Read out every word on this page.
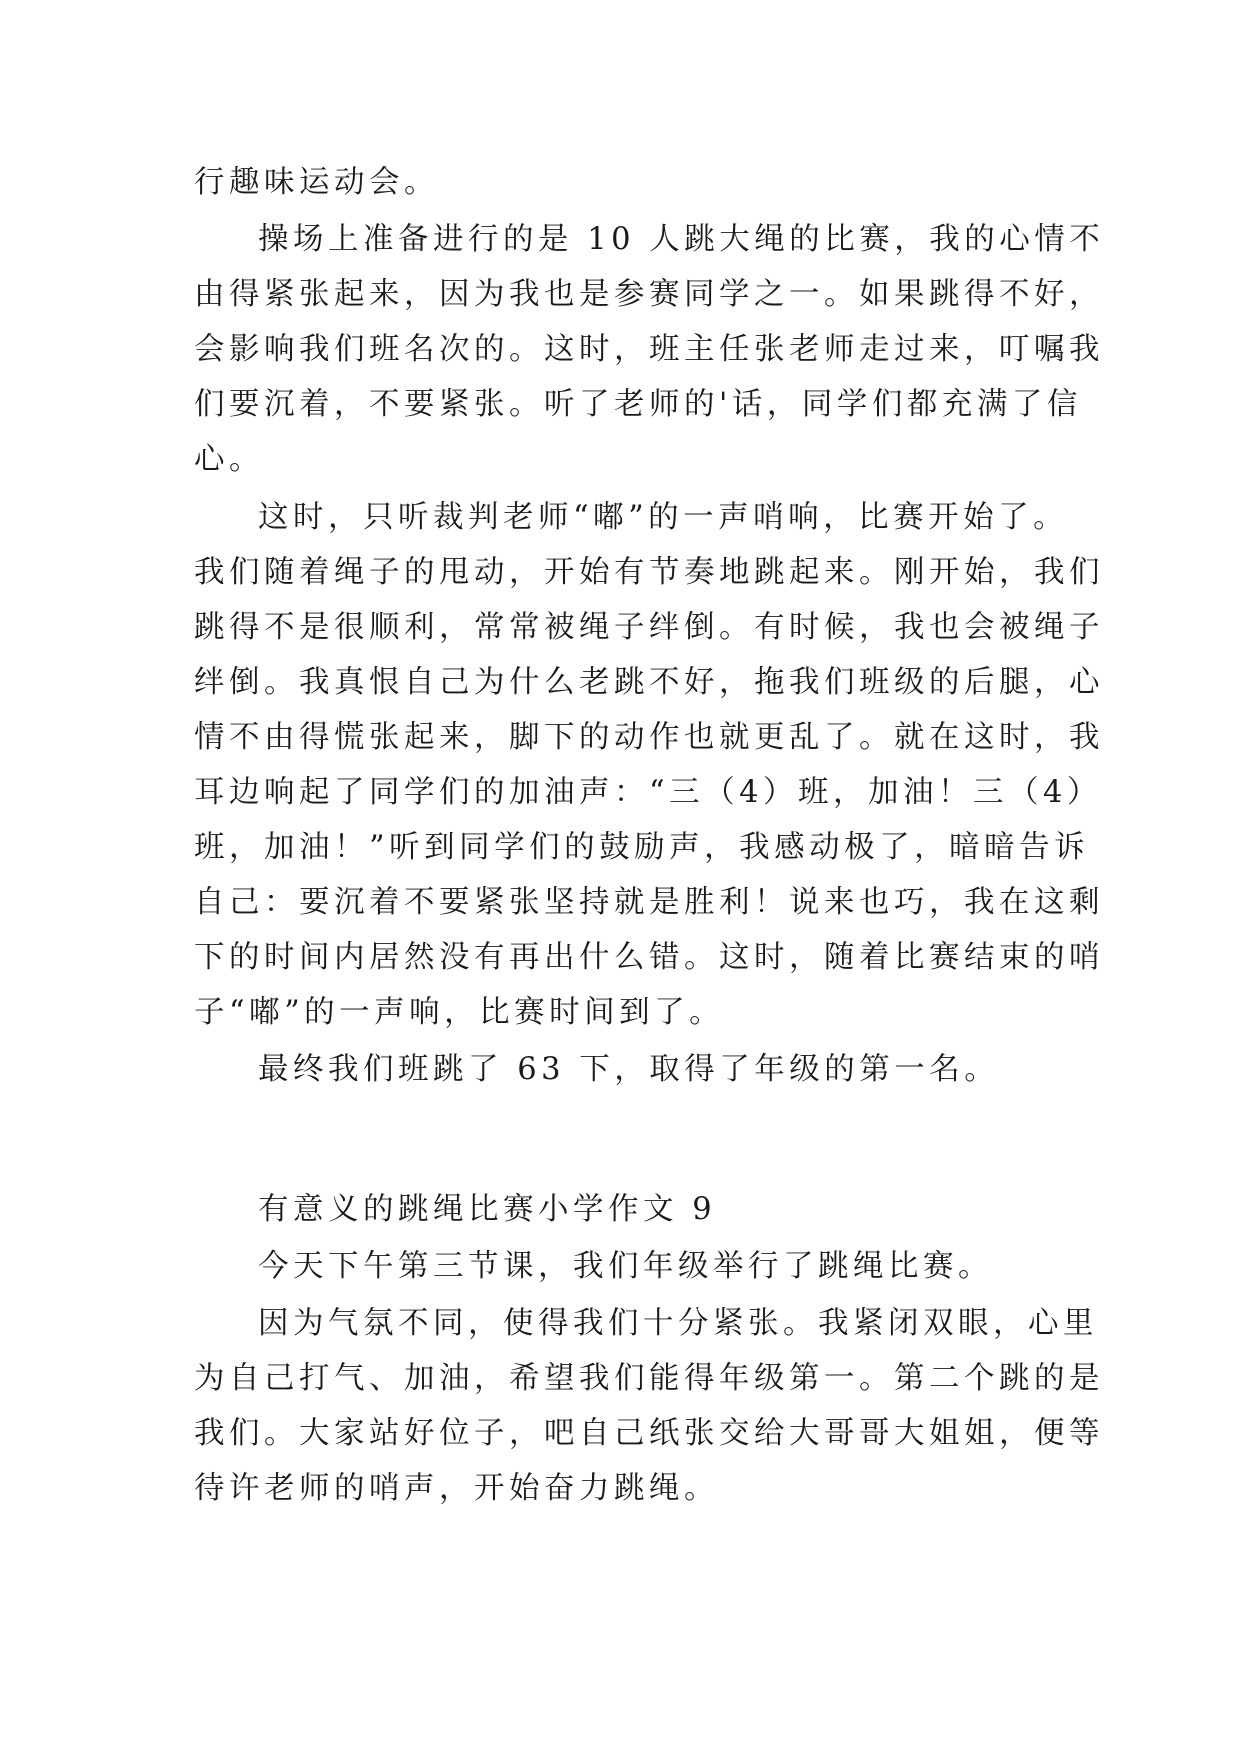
行趣味运动会。
操场上准备进行的是 10 人跳大绳的比赛，我的心情不
由得紧张起来，因为我也是参赛同学之一。如果跳得不好，
会影响我们班名次的。这时，班主任张老师走过来，叮嘱我
们要沉着，不要紧张。听了老师的'话，同学们都充满了信
心。
这时，只听裁判老师“嘟”的一声哨响，比赛开始了。
我们随着绳子的甩动，开始有节奏地跳起来。刚开始，我们
跳得不是很顺利，常常被绳子绊倒。有时候，我也会被绳子
绊倒。我真恨自己为什么老跳不好，拖我们班级的后腿，心
情不由得慌张起来，脚下的动作也就更乱了。就在这时，我
耳边响起了同学们的加油声：“三（4）班，加油！三（4）
班，加油！”听到同学们的鼓励声，我感动极了，暗暗告诉
自己：要沉着不要紧张坚持就是胜利！说来也巧，我在这剩
下的时间内居然没有再出什么错。这时，随着比赛结束的哨
子“嘟”的一声响，比赛时间到了。
最终我们班跳了 63 下，取得了年级的第一名。
有意义的跳绳比赛小学作文 9
今天下午第三节课，我们年级举行了跳绳比赛。
因为气氛不同，使得我们十分紧张。我紧闭双眼，心里
为自己打气、加油，希望我们能得年级第一。第二个跳的是
我们。大家站好位子，吧自己纸张交给大哥哥大姐姐，便等
待许老师的哨声，开始奋力跳绳。
